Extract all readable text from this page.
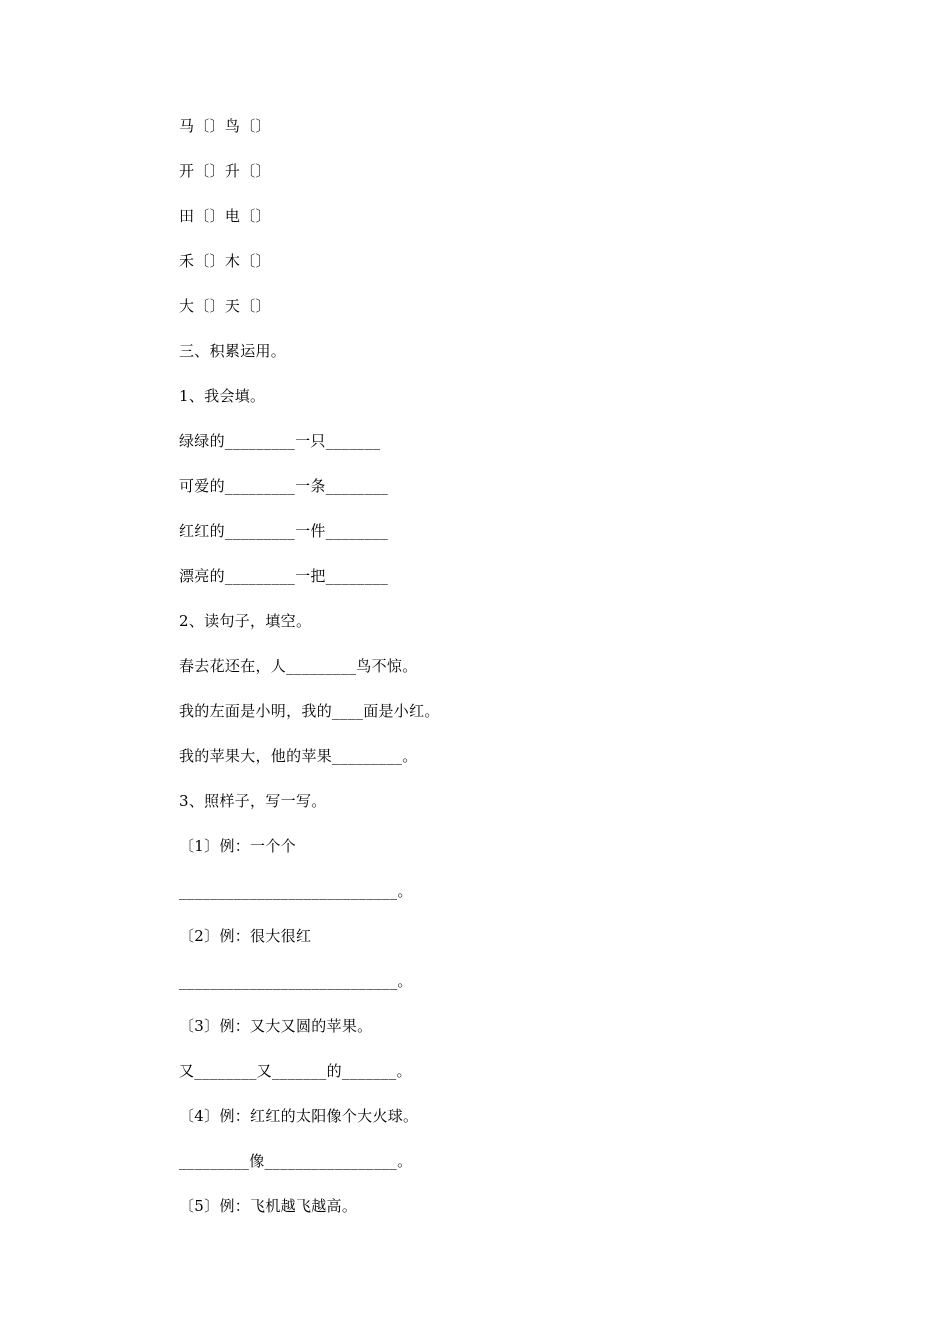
马〔〕鸟〔〕
开〔〕升〔〕
田〔〕电〔〕
禾〔〕木〔〕
大〔〕天〔〕
三、积累运用。
1、我会填。
绿绿的_________一只_______
可爱的_________一条________
红红的_________一件________
漂亮的_________一把________
2、读句子，填空。
春去花还在，人_________鸟不惊。
我的左面是小明，我的____面是小红。
我的苹果大，他的苹果_________。
3、照样子，写一写。
〔1〕例：一个个
____________________________。
〔2〕例：很大很红
____________________________。
〔3〕例：又大又圆的苹果。
又________又_______的_______。
〔4〕例：红红的太阳像个大火球。
_________像_________________。
〔5〕例：飞机越飞越高。
